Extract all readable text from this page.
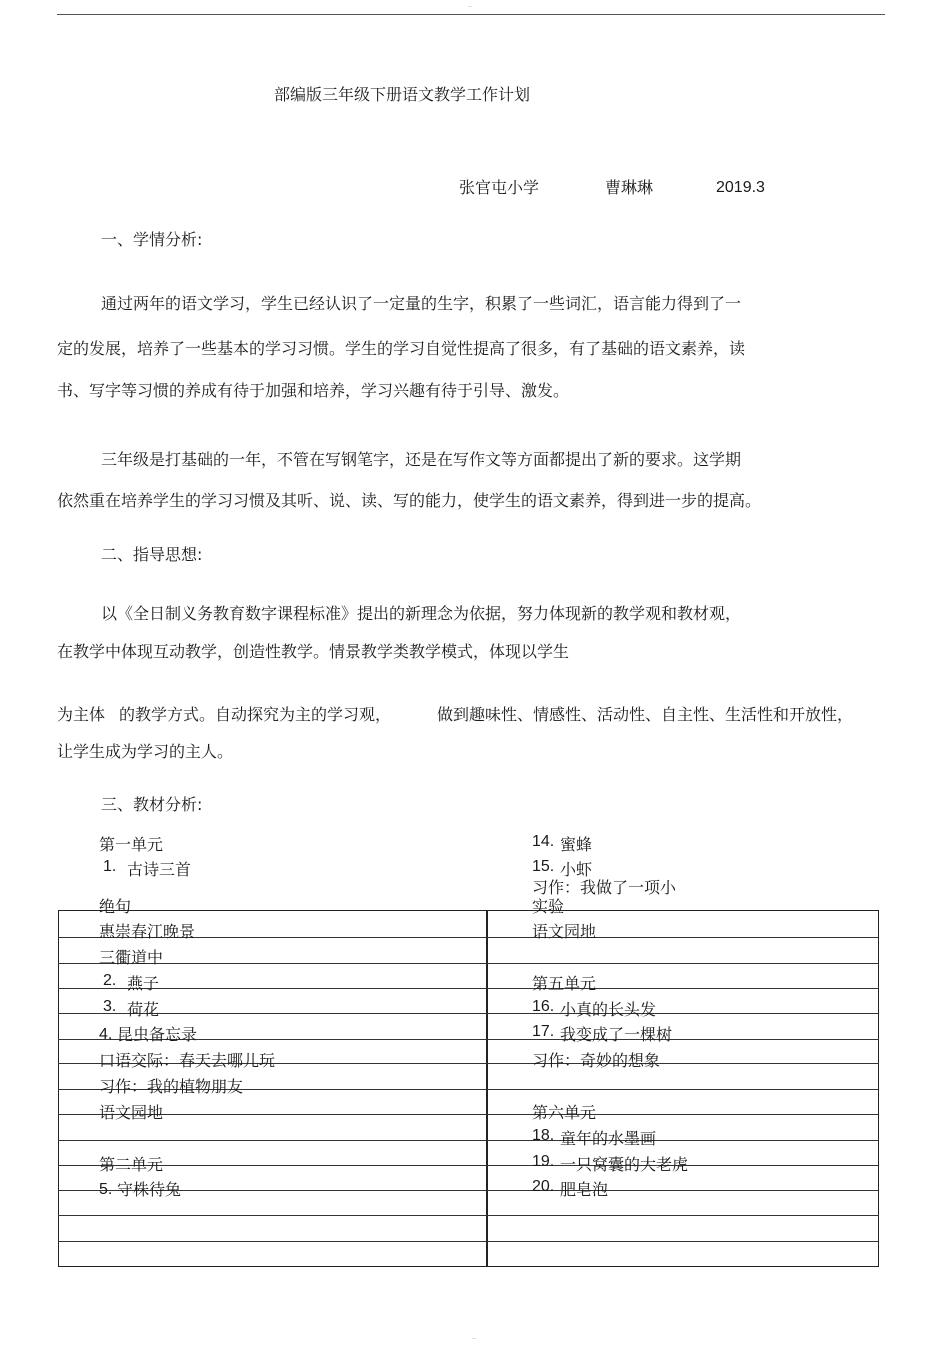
..
部编版三年级下册语文教学工作计划
张官屯小学	曹琳琳	2019.3
一、学情分析:
通过两年的语文学习，学生已经认识了一定量的生字，积累了一些词汇，语言能力得到了一
定的发展，培养了一些基本的学习习惯。学生的学习自觉性提高了很多，有了基础的语文素养，读
书、写字等习惯的养成有待于加强和培养，学习兴趣有待于引导、激发。
三年级是打基础的一年，不管在写钢笔字，还是在写作文等方面都提出了新的要求。这学期
依然重在培养学生的学习习惯及其听、说、读、写的能力，使学生的语文素养，得到进一步的提高。
二、指导思想:
以《全日制义务教育数字课程标准》提出的新理念为依据，努力体现新的教学观和教材观，
在教学中体现互动教学，创造性教学。情景教学类教学模式，体现以学生
为主体 的教学方式。自动探究为主的学习观，	做到趣味性、情感性、活动性、自主性、生活性和开放性，
让学生成为学习的主人。
三、教材分析:
第一单元
1. 古诗三首
绝句
惠崇春江晚景
三衢道中
2. 燕子
3. 荷花
4. 昆虫备忘录
口语交际：春天去哪儿玩
习作：我的植物朋友
语文园地
第二单元
5. 守株待兔
14. 蜜蜂
15. 小虾
习作：我做了一项小
实验
语文园地
第五单元
16. 小真的长头发
17. 我变成了一棵树
习作：奇妙的想象
第六单元
18. 童年的水墨画
19. 一只窝囊的大老虎
20. 肥皂泡
..
